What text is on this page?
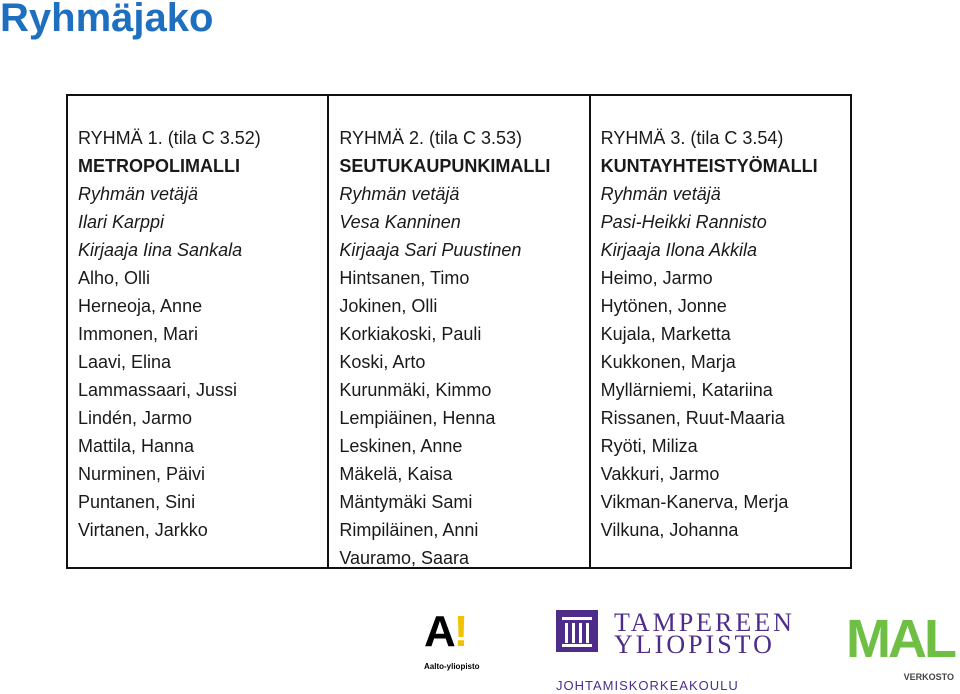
Ryhmäjako
RYHMÄ 1. (tila C 3.52)
METROPOLIMALLI
Ryhmän vetäjä
Ilari Karppi
Kirjaaja Iina Sankala
Alho, Olli
Herneoja, Anne
Immonen, Mari
Laavi, Elina
Lammassaari, Jussi
Lindén, Jarmo
Mattila, Hanna
Nurminen, Päivi
Puntanen, Sini
Virtanen, Jarkko
RYHMÄ 2. (tila C 3.53)
SEUTUKAUPUNKIMALLI
Ryhmän vetäjä
Vesa Kanninen
Kirjaaja Sari Puustinen
Hintsanen, Timo
Jokinen, Olli
Korkiakoski, Pauli
Koski, Arto
Kurunmäki, Kimmo
Lempiäinen, Henna
Leskinen, Anne
Mäkelä, Kaisa
Mäntymäki Sami
Rimpiläinen, Anni
Vauramo, Saara
RYHMÄ 3. (tila C 3.54)
KUNTAYHTEISTYÖMALLI
Ryhmän vetäjä
Pasi-Heikki Rannisto
Kirjaaja Ilona Akkila
Heimo, Jarmo
Hytönen, Jonne
Kujala, Marketta
Kukkonen, Marja
Myllärniemi, Katariina
Rissanen, Ruut-Maaria
Ryöti, Miliza
Vakkuri, Jarmo
Vikman-Kanerva, Merja
Vilkuna, Johanna
A!
Aalto-yliopisto
TAMPEREEN
YLIOPISTO
JOHTAMISKORKEAKOULU
MAL
VERKOSTO
